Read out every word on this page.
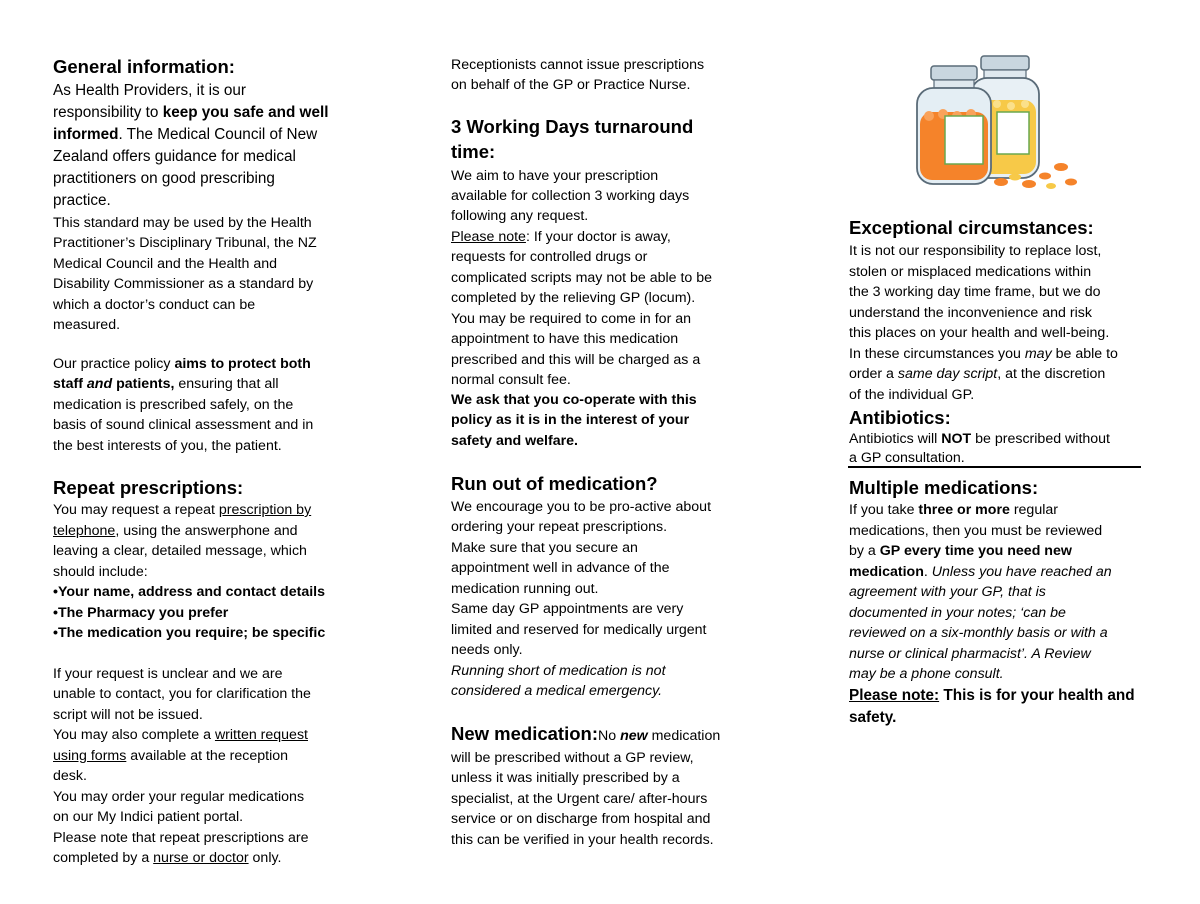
General information:
As Health Providers, it is our
responsibility to keep you safe and well
informed. The Medical Council of New
Zealand offers guidance for medical
practitioners on good prescribing
practice.
This standard may be used by the Health
Practitioner’s Disciplinary Tribunal, the NZ
Medical Council and the Health and
Disability Commissioner as a standard by
which a doctor’s conduct can be
measured.
Our practice policy aims to protect both
staff and patients, ensuring that all
medication is prescribed safely, on the
basis of sound clinical assessment and in
the best interests of you, the patient.
Repeat prescriptions:
You may request a repeat prescription by
telephone, using the answerphone and
leaving a clear, detailed message, which
should include:
•Your name, address and contact details
•The Pharmacy you prefer
•The medication you require; be specific
If your request is unclear and we are
unable to contact, you for clarification the
script will not be issued.
You may also complete a written request
using forms available at the reception
desk.
You may order your regular medications
on our My Indici patient portal.
Please note that repeat prescriptions are
completed by a nurse or doctor only.
Receptionists cannot issue prescriptions
on behalf of the GP or Practice Nurse.
3 Working Days turnaround
time:
We aim to have your prescription
available for collection 3 working days
following any request.
Please note: If your doctor is away,
requests for controlled drugs or
complicated scripts may not be able to be
completed by the relieving GP (locum).
You may be required to come in for an
appointment to have this medication
prescribed and this will be charged as a
normal consult fee.
We ask that you co-operate with this
policy as it is in the interest of your
safety and welfare.
Run out of medication?
We encourage you to be pro-active about
ordering your repeat prescriptions.
Make sure that you secure an
appointment well in advance of the
medication running out.
Same day GP appointments are very
limited and reserved for medically urgent
needs only.
Running short of medication is not
considered a medical emergency.
New medication:No new medication
will be prescribed without a GP review,
unless it was initially prescribed by a
specialist, at the Urgent care/ after-hours
service or on discharge from hospital and
this can be verified in your health records.
Exceptional circumstances:
It is not our responsibility to replace lost,
stolen or misplaced medications within
the 3 working day time frame, but we do
understand the inconvenience and risk
this places on your health and well-being.
In these circumstances you may be able to
order a same day script, at the discretion
of the individual GP.
Antibiotics:
Antibiotics will NOT be prescribed without
a GP consultation.
Multiple medications:
If you take three or more regular
medications, then you must be reviewed
by a GP every time you need new
medication. Unless you have reached an
agreement with your GP, that is
documented in your notes; ‘can be
reviewed on a six-monthly basis or with a
nurse or clinical pharmacist’. A Review
may be a phone consult.
Please note: This is for your health and
safety.
